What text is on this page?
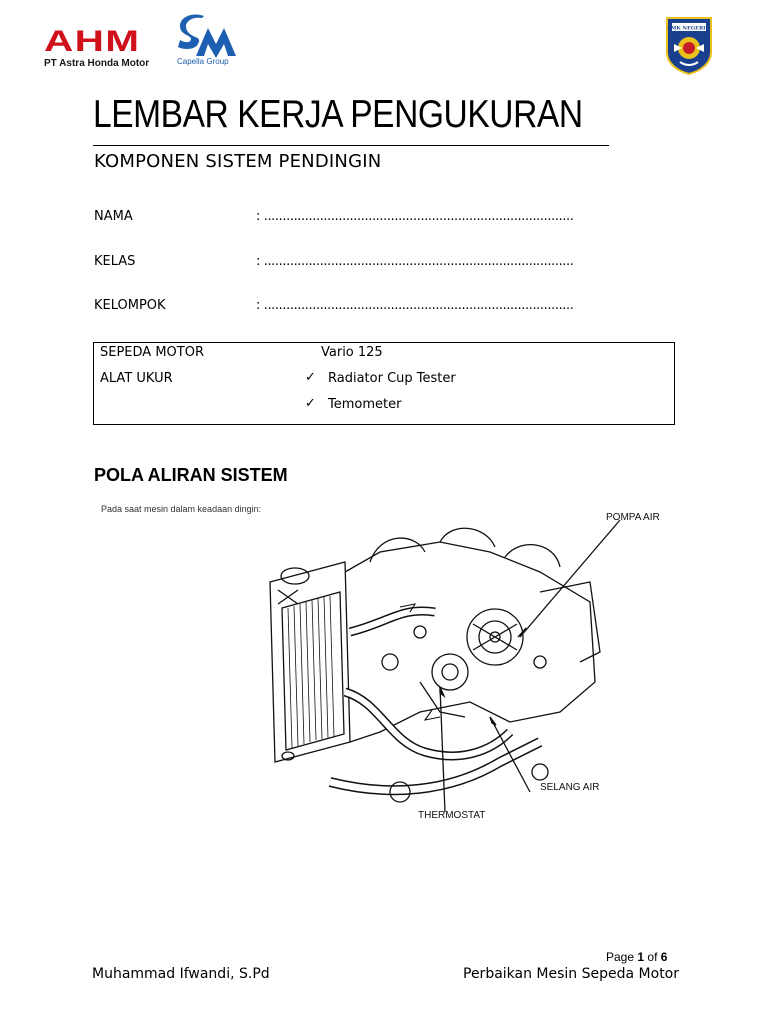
AHM
PT Astra Honda Motor	Capella Group
SMK NEGERI 1
LEMBAR KERJA PENGUKURAN
KOMPONEN SISTEM PENDINGIN
NAMA	: ...................................................................................
KELAS	: ...................................................................................
KELOMPOK	: ...................................................................................
SEPEDA MOTOR	Vario 125
ALAT UKUR	✓ Radiator Cup Tester
✓ Temometer
POLA ALIRAN SISTEM
Pada saat mesin dalam keadaan dingin:
POMPA AIR
SELANG AIR
THERMOSTAT
Page 1 of 6
Muhammad Ifwandi, S.Pd	Perbaikan Mesin Sepeda Motor
